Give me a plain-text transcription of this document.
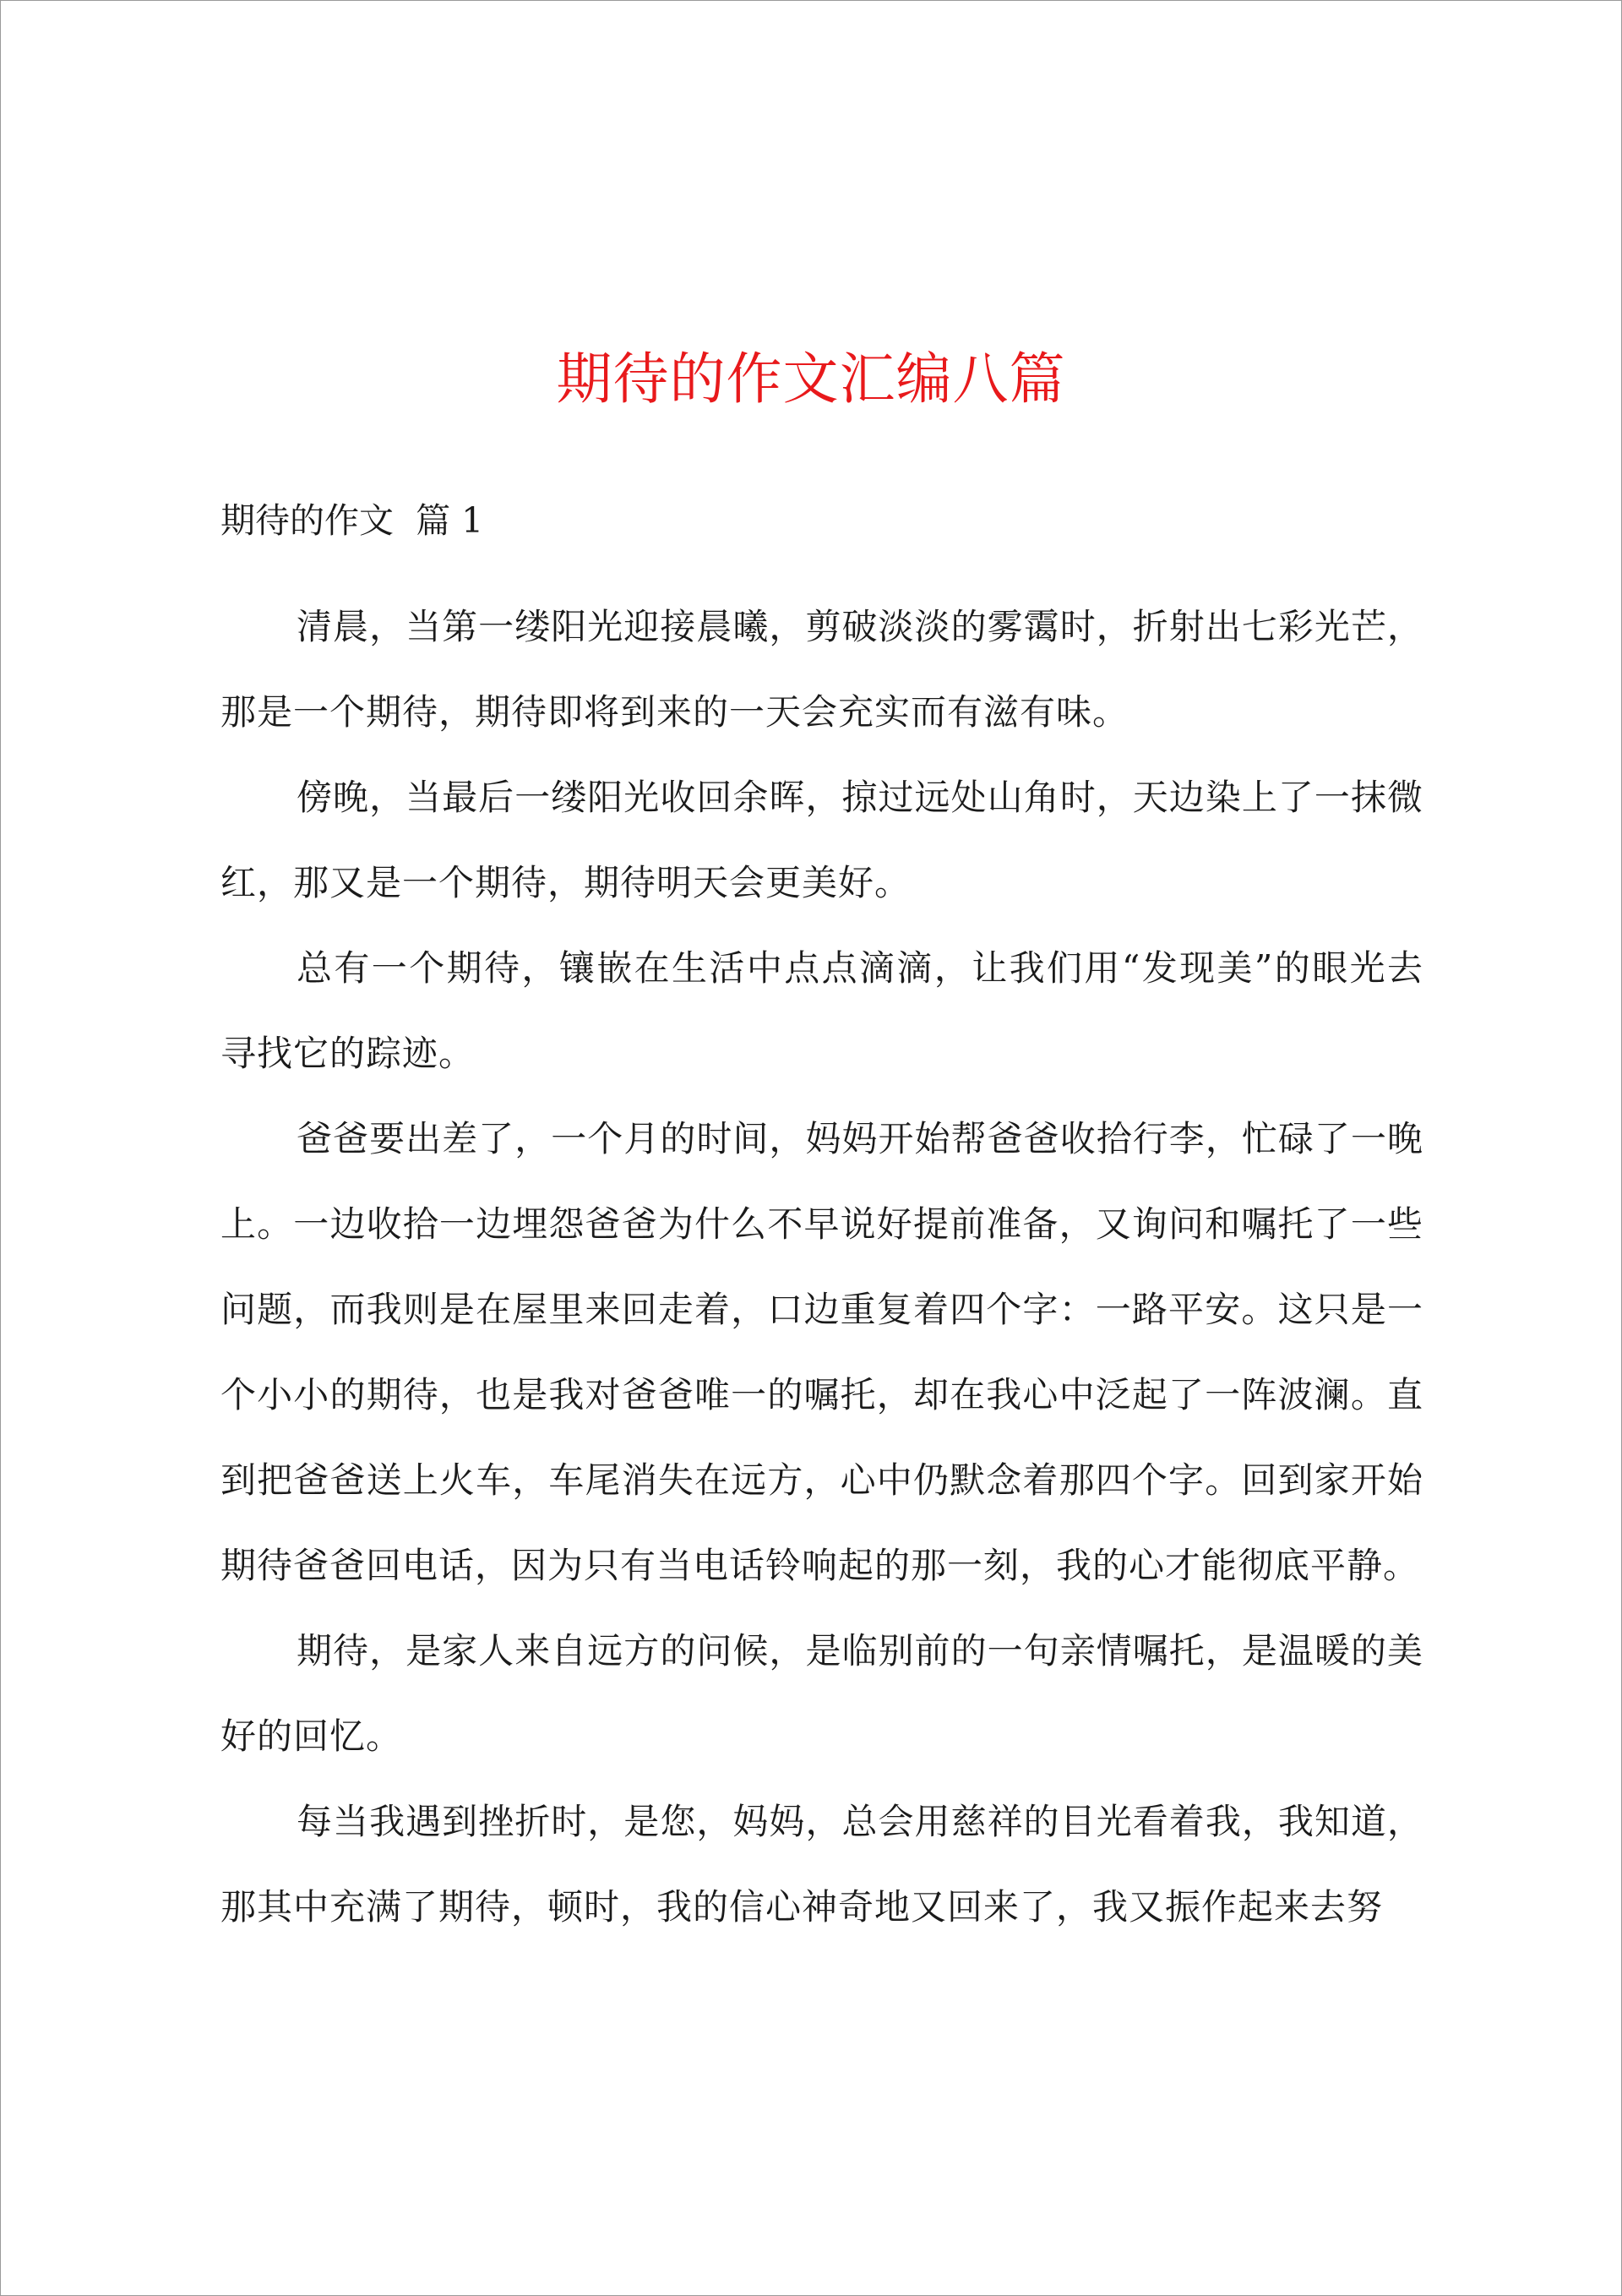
期待的作文汇编八篇
期待的作文  篇 1

清晨，当第一缕阳光迎接晨曦，剪破淡淡的雾霭时，折射出七彩光芒，那是一个期待，期待即将到来的一天会充实而有滋有味。

傍晚，当最后一缕阳光收回余晖，掠过远处山角时，天边染上了一抹微红，那又是一个期待，期待明天会更美好。

总有一个期待，镶嵌在生活中点点滴滴，让我们用“发现美”的眼光去寻找它的踪迹。

爸爸要出差了，一个月的时间，妈妈开始帮爸爸收拾行李，忙碌了一晚上。一边收拾一边埋怨爸爸为什么不早说好提前准备，又询问和嘱托了一些问题，而我则是在屋里来回走着，口边重复着四个字：一路平安。这只是一个小小的期待，也是我对爸爸唯一的嘱托，却在我心中泛起了一阵波澜。直到把爸爸送上火车，车尾消失在远方，心中仍默念着那四个字。回到家开始期待爸爸回电话，因为只有当电话铃响起的那一刻，我的心才能彻底平静。

期待，是家人来自远方的问候，是临别前的一句亲情嘱托，是温暖的美好的回忆。

每当我遇到挫折时，是您，妈妈，总会用慈祥的目光看着我，我知道，那其中充满了期待，顿时，我的信心神奇地又回来了，我又振作起来去努
